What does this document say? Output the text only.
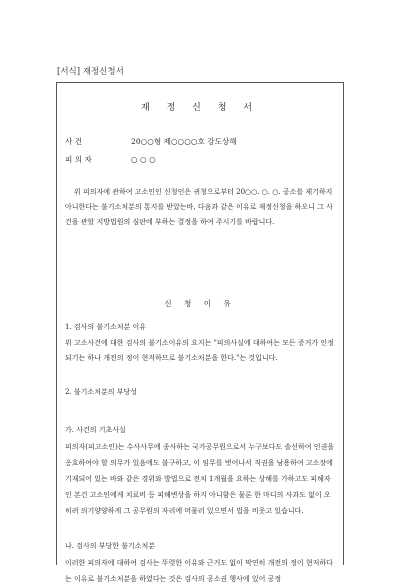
[서식] 재정신청서
재 정 신 청 서
사 건	20○○형 제○○○○호 강도상해
피 의 자	○ ○ ○
위 피의자에 관하여 고소인인 신청인은 귀청으로부터 20○○. ○. ○. 공소를 제기하지 아니한다는 불기소처분의 통지를 받았는바, 다음과 같은 이유로 재정신청을 하오니 그 사건을 관할 지방법원의 심판에 부하는 결정을 하여 주시기를 바랍니다.
신 청 이 유
1. 검사의 불기소처분 이유
위 고소사건에 대한 검사의 불기소이유의 요지는 "피의사실에 대하여는 모든 증거가 인정되기는 하나 개전의 정이 현저하므로 불기소처분을 한다."는 것입니다.
2. 불기소처분의 부당성
가. 사건의 기초사실
피의자(피고소인)는 수사사무에 종사하는 국가공무원으로서 누구보다도 솔선하여 인권을 옹호하여야 할 의무가 있음에도 불구하고, 이 임무를 벗어나서 직권을 남용하여 고소장에 기재되어 있는 바와 같은 경위와 방법으로 전치 1개월을 요하는 상해를 가하고도 피해자인 본건 고소인에게 치료비 등 피해변상을 하지 아니함은 물론 한 마디의 사과도 없이 오히려 의기양양하게 그 공무원의 자리에 머물러 있으면서 법을 비웃고 있습니다.
나. 검사의 부당한 불기소처분
이러한 피의자에 대하여 검사는 뚜렷한 이유와 근거도 없이 막연히 개전의 정이 현저하다는 이유로 불기소처분을 하였다는 것은 검사의 공소권 행사에 있어 공정
